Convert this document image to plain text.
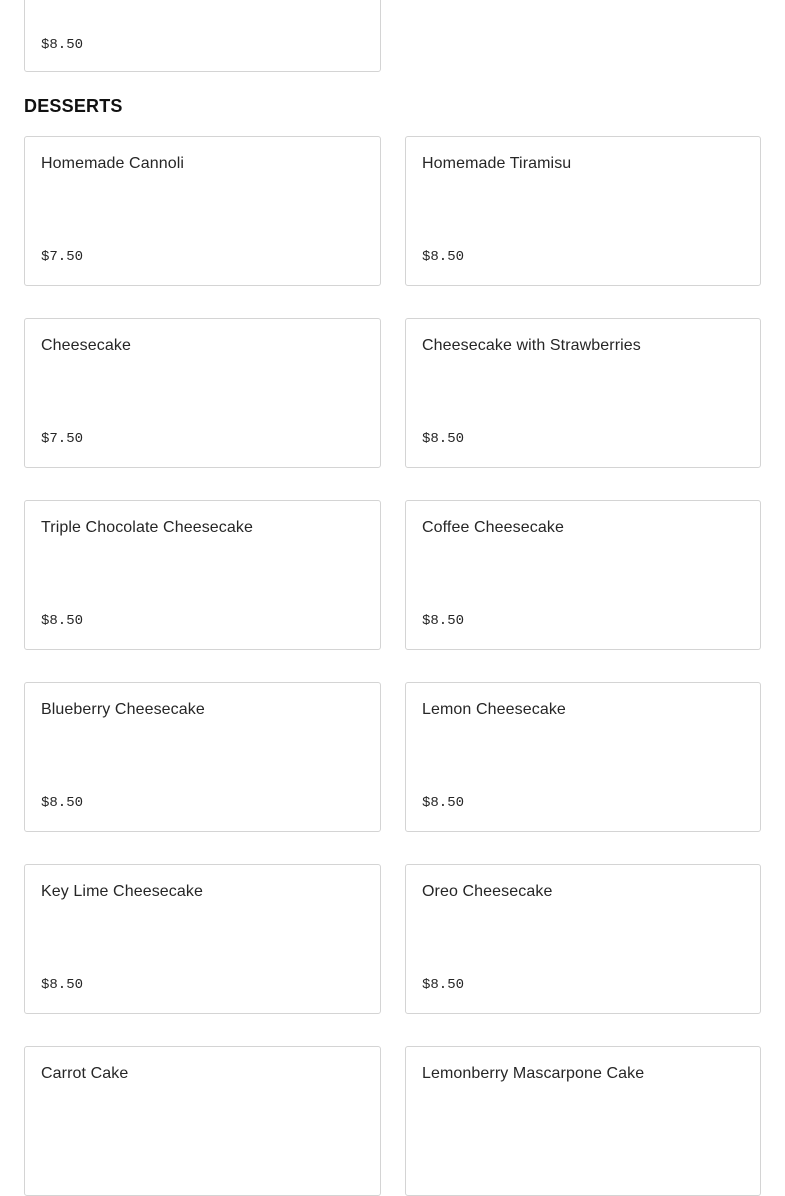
$8.50
DESSERTS
Homemade Cannoli
$7.50
Homemade Tiramisu
$8.50
Cheesecake
$7.50
Cheesecake with Strawberries
$8.50
Triple Chocolate Cheesecake
$8.50
Coffee Cheesecake
$8.50
Blueberry Cheesecake
$8.50
Lemon Cheesecake
$8.50
Key Lime Cheesecake
$8.50
Oreo Cheesecake
$8.50
Carrot Cake	Lemonberry Mascarpone Cake
